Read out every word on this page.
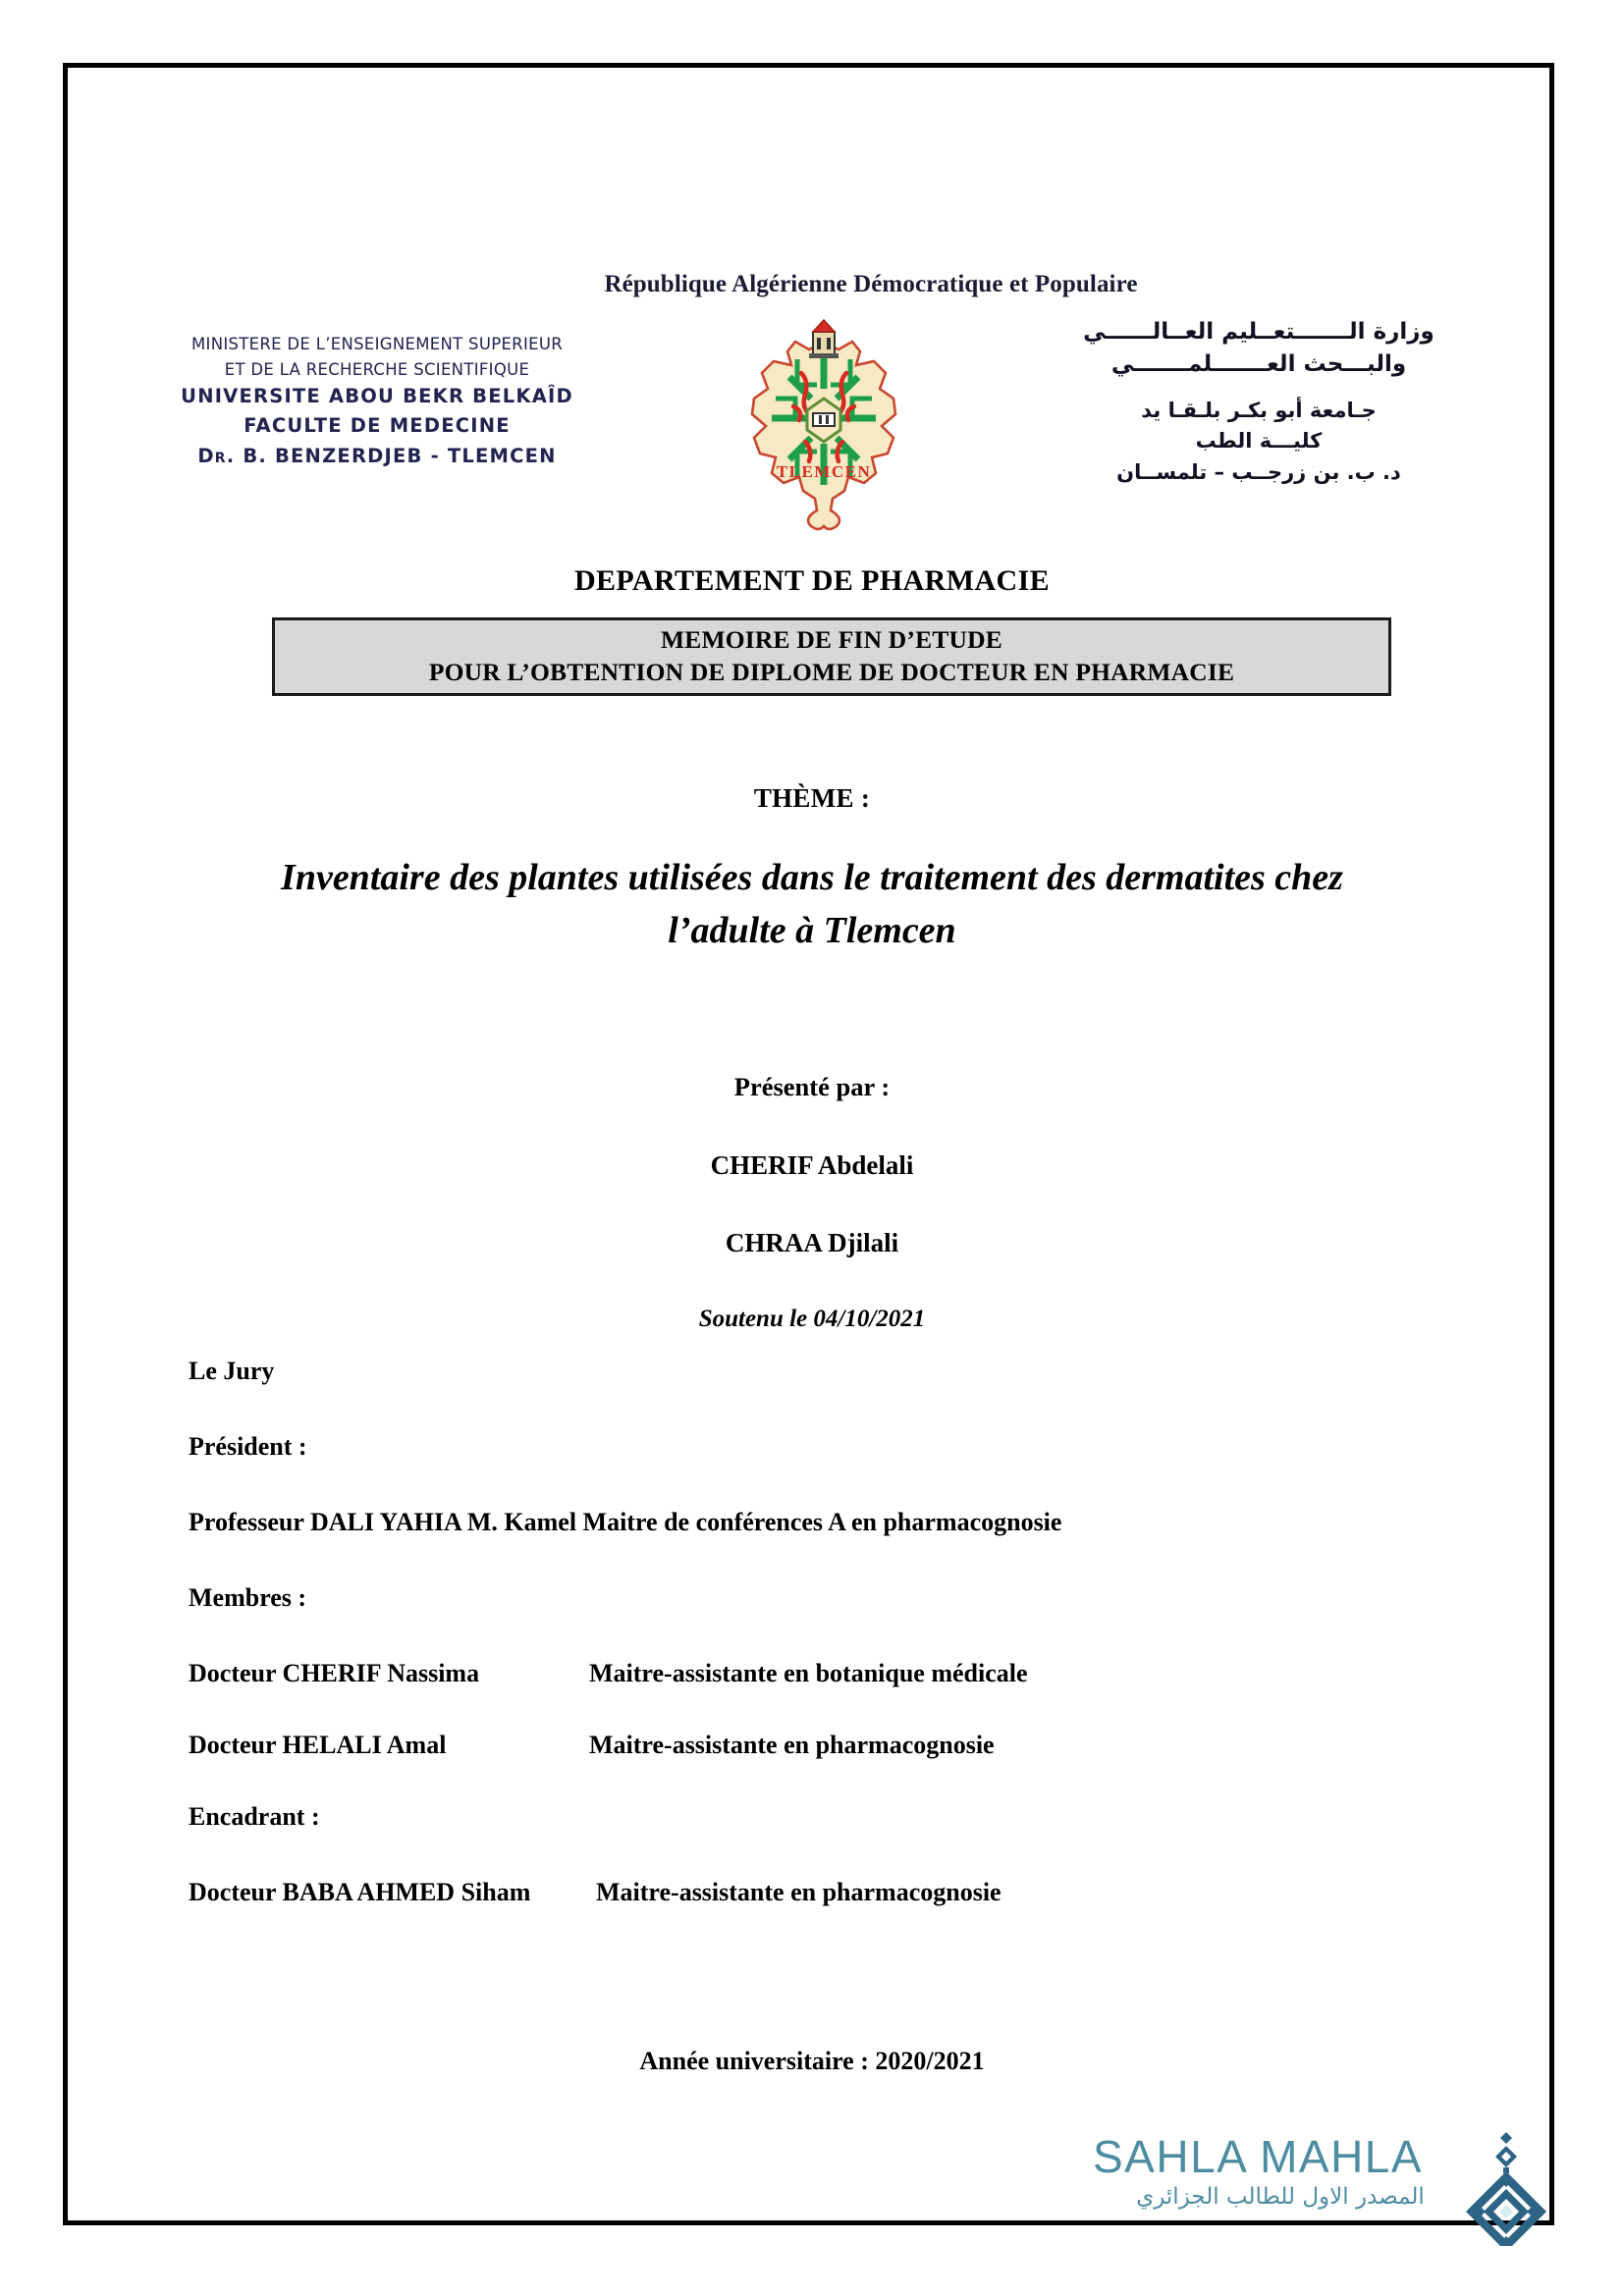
République Algérienne Démocratique et Populaire
MINISTERE DE L’ENSEIGNEMENT SUPERIEUR
ET DE LA RECHERCHE SCIENTIFIQUE
UNIVERSITE ABOU BEKR BELKAÎD
FACULTE DE MEDECINE
DR. B. BENZERDJEB - TLEMCEN
TLEMCEN
وزارة الـــــــتعــليم العــالــــــي
والبـــحث العـــــــلمـــــــي
جـامعة أبو بكـر بلـقـا يد
كليـــة الطب
د. ب. بن زرجــب – تلمســان
DEPARTEMENT DE PHARMACIE
MEMOIRE DE FIN D’ETUDE
POUR L’OBTENTION DE DIPLOME DE DOCTEUR EN PHARMACIE
THÈME :
Inventaire des plantes utilisées dans le traitement des dermatites chez l’adulte à Tlemcen
Présenté par :
CHERIF Abdelali
CHRAA Djilali
Soutenu le 04/10/2021
Le Jury
Président :
Professeur DALI YAHIA M. Kamel Maitre de conférences A en pharmacognosie
Membres :
Docteur CHERIF Nassima	Maitre-assistante en botanique médicale
Docteur HELALI Amal	Maitre-assistante en pharmacognosie
Encadrant :
Docteur BABA AHMED Siham	Maitre-assistante en pharmacognosie
Année universitaire : 2020/2021
SAHLA MAHLA
المصدر الاول للطالب الجزائري
